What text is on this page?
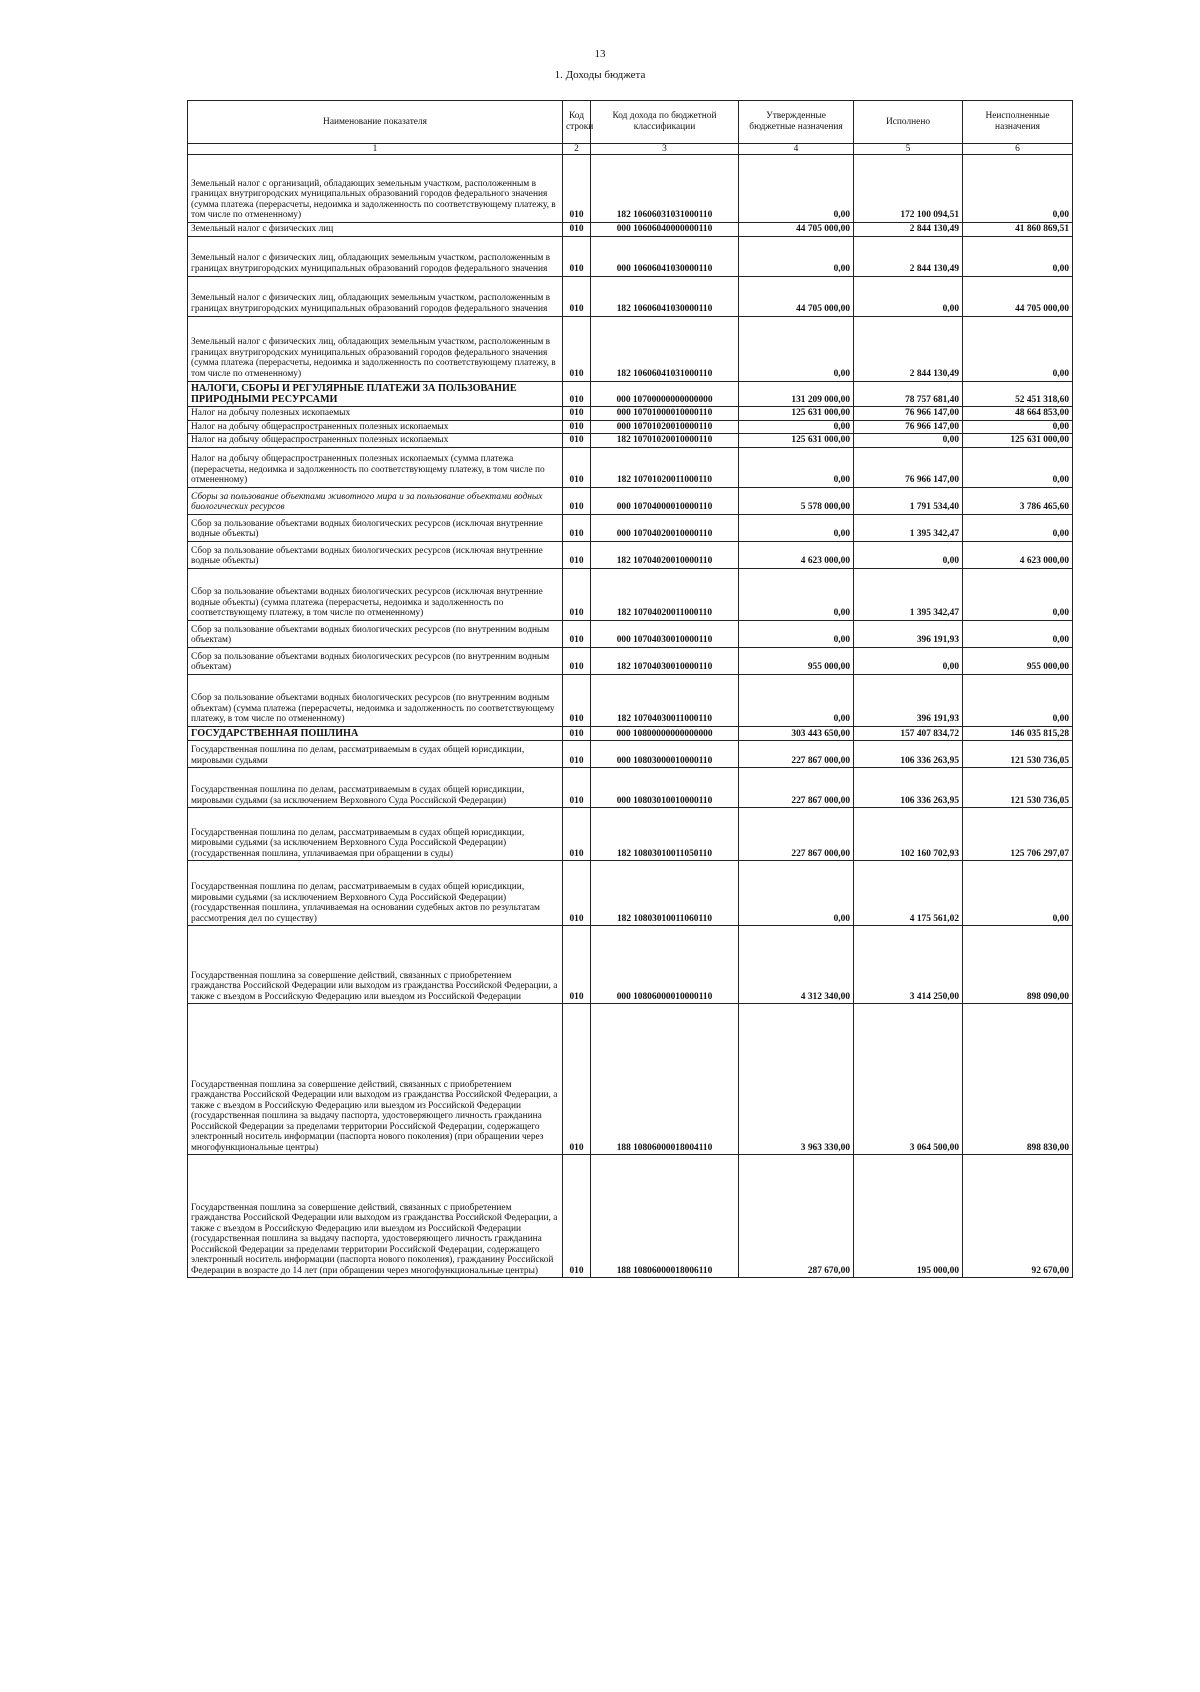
13
1. Доходы бюджета
Наименование показателя	Код строки	Код дохода по бюджетной классификации	Утвержденные бюджетные назначения	Исполнено	Неисполненные назначения
1	2	3	4	5	6
Земельный налог с организаций, обладающих земельным участком, расположенным в границах внутригородских муниципальных образований городов федерального значения (сумма платежа (перерасчеты, недоимка и задолженность по соответствующему платежу, в том числе по отмененному)	010	182 10606031031000110	0,00	172 100 094,51	0,00
Земельный налог с физических лиц	010	000 10606040000000110	44 705 000,00	2 844 130,49	41 860 869,51
Земельный налог с физических лиц, обладающих земельным участком, расположенным в границах внутригородских муниципальных образований городов федерального значения	010	000 10606041030000110	0,00	2 844 130,49	0,00
Земельный налог с физических лиц, обладающих земельным участком, расположенным в границах внутригородских муниципальных образований городов федерального значения	010	182 10606041030000110	44 705 000,00	0,00	44 705 000,00
Земельный налог с физических лиц, обладающих земельным участком, расположенным в границах внутригородских муниципальных образований городов федерального значения (сумма платежа (перерасчеты, недоимка и задолженность по соответствующему платежу, в том числе по отмененному)	010	182 10606041031000110	0,00	2 844 130,49	0,00
НАЛОГИ, СБОРЫ И РЕГУЛЯРНЫЕ ПЛАТЕЖИ ЗА ПОЛЬЗОВАНИЕ ПРИРОДНЫМИ РЕСУРСАМИ	010	000 10700000000000000	131 209 000,00	78 757 681,40	52 451 318,60
Налог на добычу полезных ископаемых	010	000 10701000010000110	125 631 000,00	76 966 147,00	48 664 853,00
Налог на добычу общераспространенных полезных ископаемых	010	000 10701020010000110	0,00	76 966 147,00	0,00
Налог на добычу общераспространенных полезных ископаемых	010	182 10701020010000110	125 631 000,00	0,00	125 631 000,00
Налог на добычу общераспространенных полезных ископаемых (сумма платежа (перерасчеты, недоимка и задолженность по соответствующему платежу, в том числе по отмененному)	010	182 10701020011000110	0,00	76 966 147,00	0,00
Сборы за пользование объектами животного мира и за пользование объектами водных биологических ресурсов	010	000 10704000010000110	5 578 000,00	1 791 534,40	3 786 465,60
Сбор за пользование объектами водных биологических ресурсов (исключая внутренние водные объекты)	010	000 10704020010000110	0,00	1 395 342,47	0,00
Сбор за пользование объектами водных биологических ресурсов (исключая внутренние водные объекты)	010	182 10704020010000110	4 623 000,00	0,00	4 623 000,00
Сбор за пользование объектами водных биологических ресурсов (исключая внутренние водные объекты) (сумма платежа (перерасчеты, недоимка и задолженность по соответствующему платежу, в том числе по отмененному)	010	182 10704020011000110	0,00	1 395 342,47	0,00
Сбор за пользование объектами водных биологических ресурсов (по внутренним водным объектам)	010	000 10704030010000110	0,00	396 191,93	0,00
Сбор за пользование объектами водных биологических ресурсов (по внутренним водным объектам)	010	182 10704030010000110	955 000,00	0,00	955 000,00
Сбор за пользование объектами водных биологических ресурсов (по внутренним водным объектам) (сумма платежа (перерасчеты, недоимка и задолженность по соответствующему платежу, в том числе по отмененному)	010	182 10704030011000110	0,00	396 191,93	0,00
ГОСУДАРСТВЕННАЯ ПОШЛИНА	010	000 10800000000000000	303 443 650,00	157 407 834,72	146 035 815,28
Государственная пошлина по делам, рассматриваемым в судах общей юрисдикции, мировыми судьями	010	000 10803000010000110	227 867 000,00	106 336 263,95	121 530 736,05
Государственная пошлина по делам, рассматриваемым в судах общей юрисдикции, мировыми судьями (за исключением Верховного Суда Российской Федерации)	010	000 10803010010000110	227 867 000,00	106 336 263,95	121 530 736,05
Государственная пошлина по делам, рассматриваемым в судах общей юрисдикции, мировыми судьями (за исключением Верховного Суда Российской Федерации) (государственная пошлина, уплачиваемая при обращении в суды)	010	182 10803010011050110	227 867 000,00	102 160 702,93	125 706 297,07
Государственная пошлина по делам, рассматриваемым в судах общей юрисдикции, мировыми судьями (за исключением Верховного Суда Российской Федерации) (государственная пошлина, уплачиваемая на основании судебных актов по результатам рассмотрения дел по существу)	010	182 10803010011060110	0,00	4 175 561,02	0,00
Государственная пошлина за совершение действий, связанных с приобретением гражданства Российской Федерации или выходом из гражданства Российской Федерации, а также с въездом в Российскую Федерацию или выездом из Российской Федерации	010	000 10806000010000110	4 312 340,00	3 414 250,00	898 090,00
Государственная пошлина за совершение действий, связанных с приобретением гражданства Российской Федерации или выходом из гражданства Российской Федерации, а также с въездом в Российскую Федерацию или выездом из Российской Федерации (государственная пошлина за выдачу паспорта, удостоверяющего личность гражданина Российской Федерации за пределами территории Российской Федерации, содержащего электронный носитель информации (паспорта нового поколения) (при обращении через многофункциональные центры)	010	188 10806000018004110	3 963 330,00	3 064 500,00	898 830,00
Государственная пошлина за совершение действий, связанных с приобретением гражданства Российской Федерации или выходом из гражданства Российской Федерации, а также с въездом в Российскую Федерацию или выездом из Российской Федерации (государственная пошлина за выдачу паспорта, удостоверяющего личность гражданина Российской Федерации за пределами территории Российской Федерации, содержащего электронный носитель информации (паспорта нового поколения), гражданину Российской Федерации в возрасте до 14 лет (при обращении через многофункциональные центры)	010	188 10806000018006110	287 670,00	195 000,00	92 670,00
